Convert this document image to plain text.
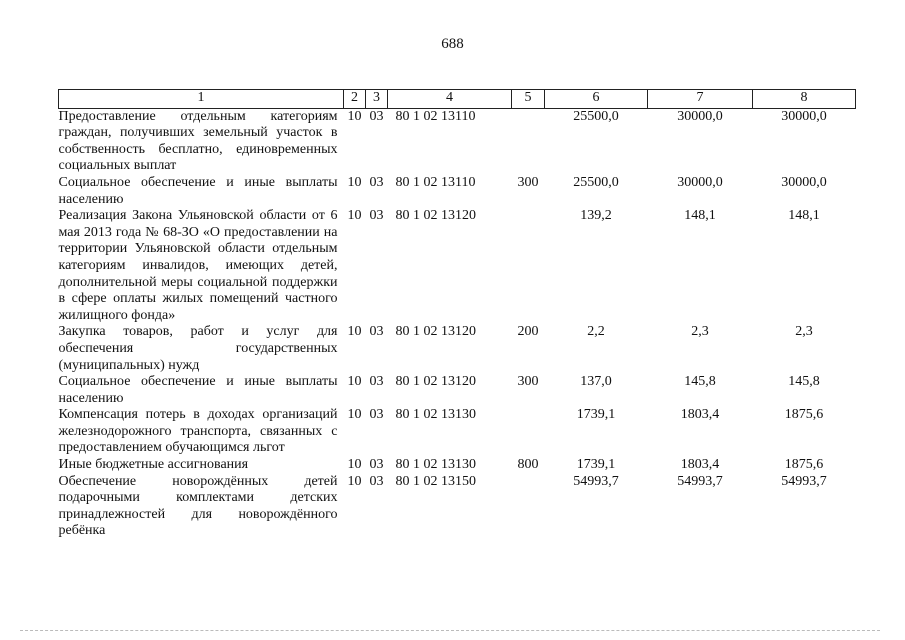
688
1	2	3	4	5	6	7	8
Предоставление отдельным категориям граждан, получивших земельный участок в собственность бесплатно, единовременных социальных выплат	10	03	80 1 02 13110		25500,0	30000,0	30000,0
Социальное обеспечение и иные выплаты населению	10	03	80 1 02 13110	300	25500,0	30000,0	30000,0
Реализация Закона Ульяновской области от 6 мая 2013 года № 68-ЗО «О предоставлении на территории Ульяновской области отдельным категориям инвалидов, имеющих детей, дополнительной меры социальной поддержки в сфере оплаты жилых помещений частного жилищного фонда»	10	03	80 1 02 13120		139,2	148,1	148,1
Закупка товаров, работ и услуг для обеспечения государственных (муниципальных) нужд	10	03	80 1 02 13120	200	2,2	2,3	2,3
Социальное обеспечение и иные выплаты населению	10	03	80 1 02 13120	300	137,0	145,8	145,8
Компенсация потерь в доходах организаций железнодорожного транспорта, связанных с предоставлением обучающимся льгот	10	03	80 1 02 13130		1739,1	1803,4	1875,6
Иные бюджетные ассигнования	10	03	80 1 02 13130	800	1739,1	1803,4	1875,6
Обеспечение новорождённых детей подарочными комплектами детских принадлежностей для новорождённого ребёнка	10	03	80 1 02 13150		54993,7	54993,7	54993,7
